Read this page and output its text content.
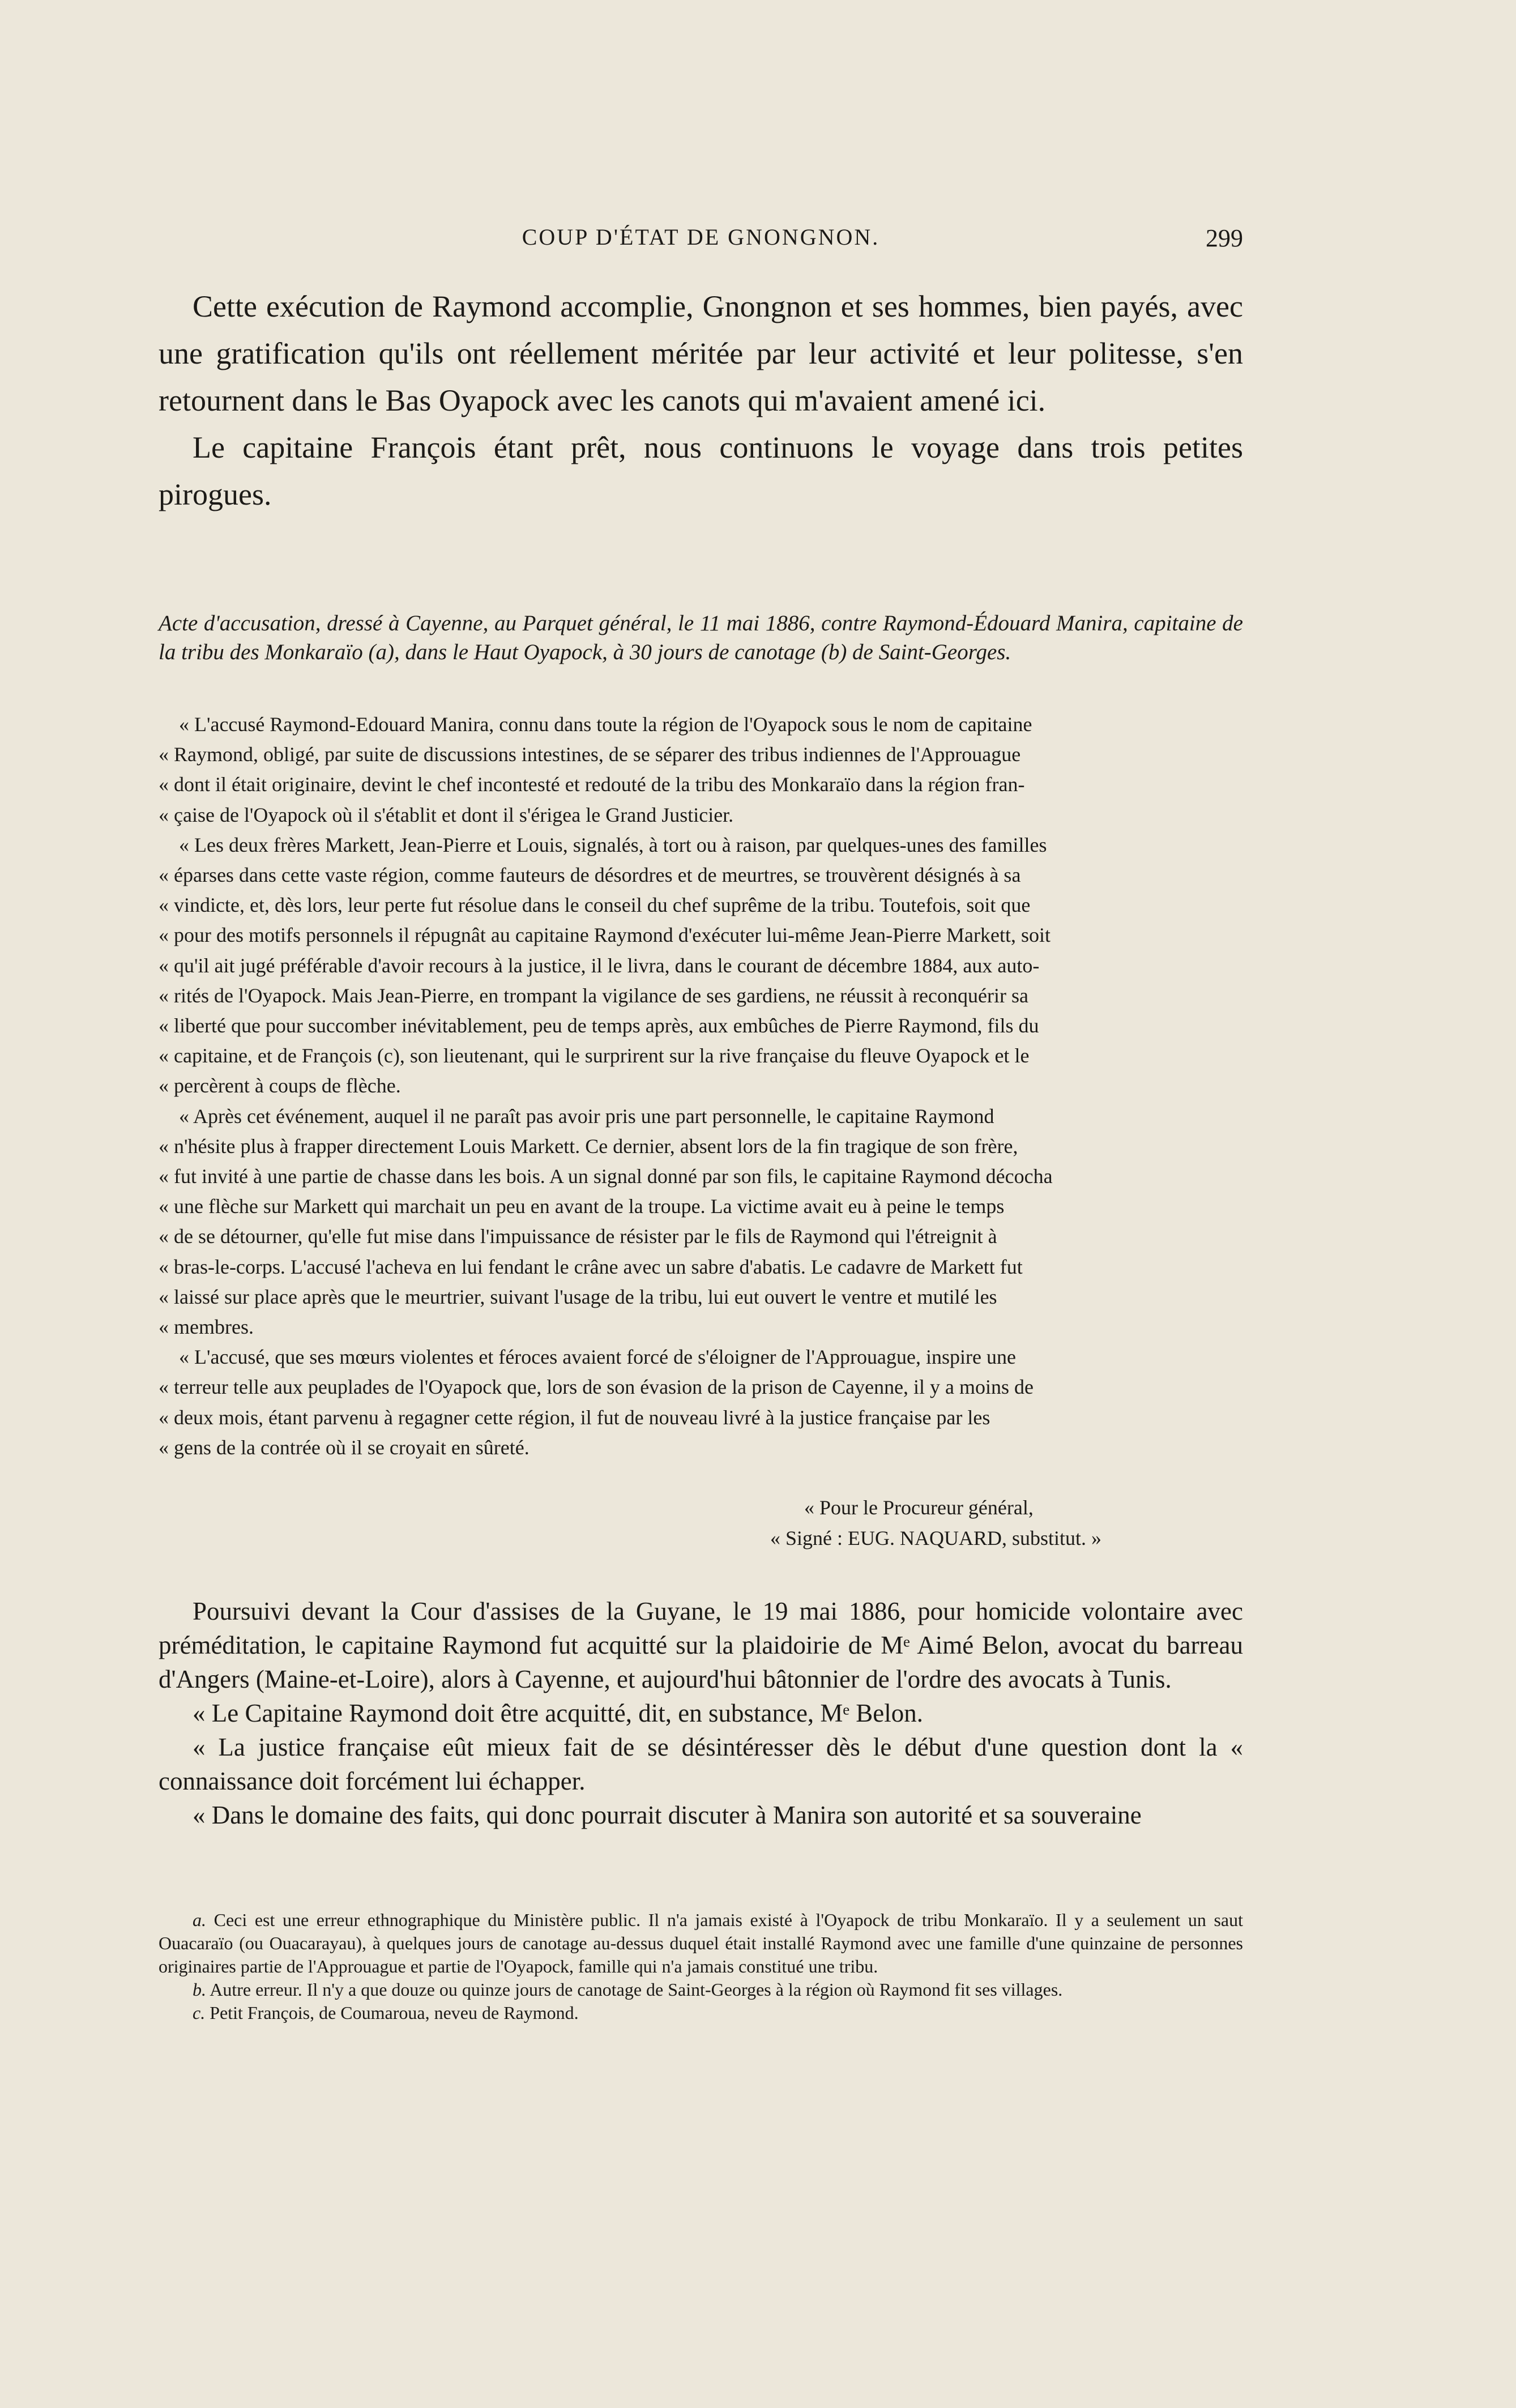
COUP D'ÉTAT DE GNONGNON.	299

Cette exécution de Raymond accomplie, Gnongnon et ses hommes, bien payés, avec une gratification qu'ils ont réellement méritée par leur activité et leur politesse, s'en retournent dans le Bas Oyapock avec les canots qui m'avaient amené ici.

Le capitaine François étant prêt, nous continuons le voyage dans trois petites pirogues.

Acte d'accusation, dressé à Cayenne, au Parquet général, le 11 mai 1886, contre Raymond-Édouard Manira, capitaine de la tribu des Monkaraïo (a), dans le Haut Oyapock, à 30 jours de canotage (b) de Saint-Georges.

« L'accusé Raymond-Edouard Manira, connu dans toute la région de l'Oyapock sous le nom de capitaine
« Raymond, obligé, par suite de discussions intestines, de se séparer des tribus indiennes de l'Approuague
« dont il était originaire, devint le chef incontesté et redouté de la tribu des Monkaraïo dans la région fran-
« çaise de l'Oyapock où il s'établit et dont il s'érigea le Grand Justicier.
« Les deux frères Markett, Jean-Pierre et Louis, signalés, à tort ou à raison, par quelques-unes des familles
« éparses dans cette vaste région, comme fauteurs de désordres et de meurtres, se trouvèrent désignés à sa
« vindicte, et, dès lors, leur perte fut résolue dans le conseil du chef suprême de la tribu. Toutefois, soit que
« pour des motifs personnels il répugnât au capitaine Raymond d'exécuter lui-même Jean-Pierre Markett, soit
« qu'il ait jugé préférable d'avoir recours à la justice, il le livra, dans le courant de décembre 1884, aux auto-
« rités de l'Oyapock. Mais Jean-Pierre, en trompant la vigilance de ses gardiens, ne réussit à reconquérir sa
« liberté que pour succomber inévitablement, peu de temps après, aux embûches de Pierre Raymond, fils du
« capitaine, et de François (c), son lieutenant, qui le surprirent sur la rive française du fleuve Oyapock et le
« percèrent à coups de flèche.
« Après cet événement, auquel il ne paraît pas avoir pris une part personnelle, le capitaine Raymond
« n'hésite plus à frapper directement Louis Markett. Ce dernier, absent lors de la fin tragique de son frère,
« fut invité à une partie de chasse dans les bois. A un signal donné par son fils, le capitaine Raymond décocha
« une flèche sur Markett qui marchait un peu en avant de la troupe. La victime avait eu à peine le temps
« de se détourner, qu'elle fut mise dans l'impuissance de résister par le fils de Raymond qui l'étreignit à
« bras-le-corps. L'accusé l'acheva en lui fendant le crâne avec un sabre d'abatis. Le cadavre de Markett fut
« laissé sur place après que le meurtrier, suivant l'usage de la tribu, lui eut ouvert le ventre et mutilé les
« membres.
« L'accusé, que ses mœurs violentes et féroces avaient forcé de s'éloigner de l'Approuague, inspire une
« terreur telle aux peuplades de l'Oyapock que, lors de son évasion de la prison de Cayenne, il y a moins de
« deux mois, étant parvenu à regagner cette région, il fut de nouveau livré à la justice française par les
« gens de la contrée où il se croyait en sûreté.
« Pour le Procureur général,
« Signé : EUG. NAQUARD, substitut. »

Poursuivi devant la Cour d'assises de la Guyane, le 19 mai 1886, pour homicide volontaire avec préméditation, le capitaine Raymond fut acquitté sur la plaidoirie de Mᵉ Aimé Belon, avocat du barreau d'Angers (Maine-et-Loire), alors à Cayenne, et aujourd'hui bâtonnier de l'ordre des avocats à Tunis.

« Le Capitaine Raymond doit être acquitté, dit, en substance, Mᵉ Belon.

« La justice française eût mieux fait de se désintéresser dès le début d'une question dont la « connaissance doit forcément lui échapper.

« Dans le domaine des faits, qui donc pourrait discuter à Manira son autorité et sa souveraine

a. Ceci est une erreur ethnographique du Ministère public. Il n'a jamais existé à l'Oyapock de tribu Monkaraïo. Il y a seulement un saut Ouacaraïo (ou Ouacarayau), à quelques jours de canotage au-dessus duquel était installé Raymond avec une famille d'une quinzaine de personnes originaires partie de l'Approuague et partie de l'Oyapock, famille qui n'a jamais constitué une tribu.

b. Autre erreur. Il n'y a que douze ou quinze jours de canotage de Saint-Georges à la région où Raymond fit ses villages.

c. Petit François, de Coumaroua, neveu de Raymond.
